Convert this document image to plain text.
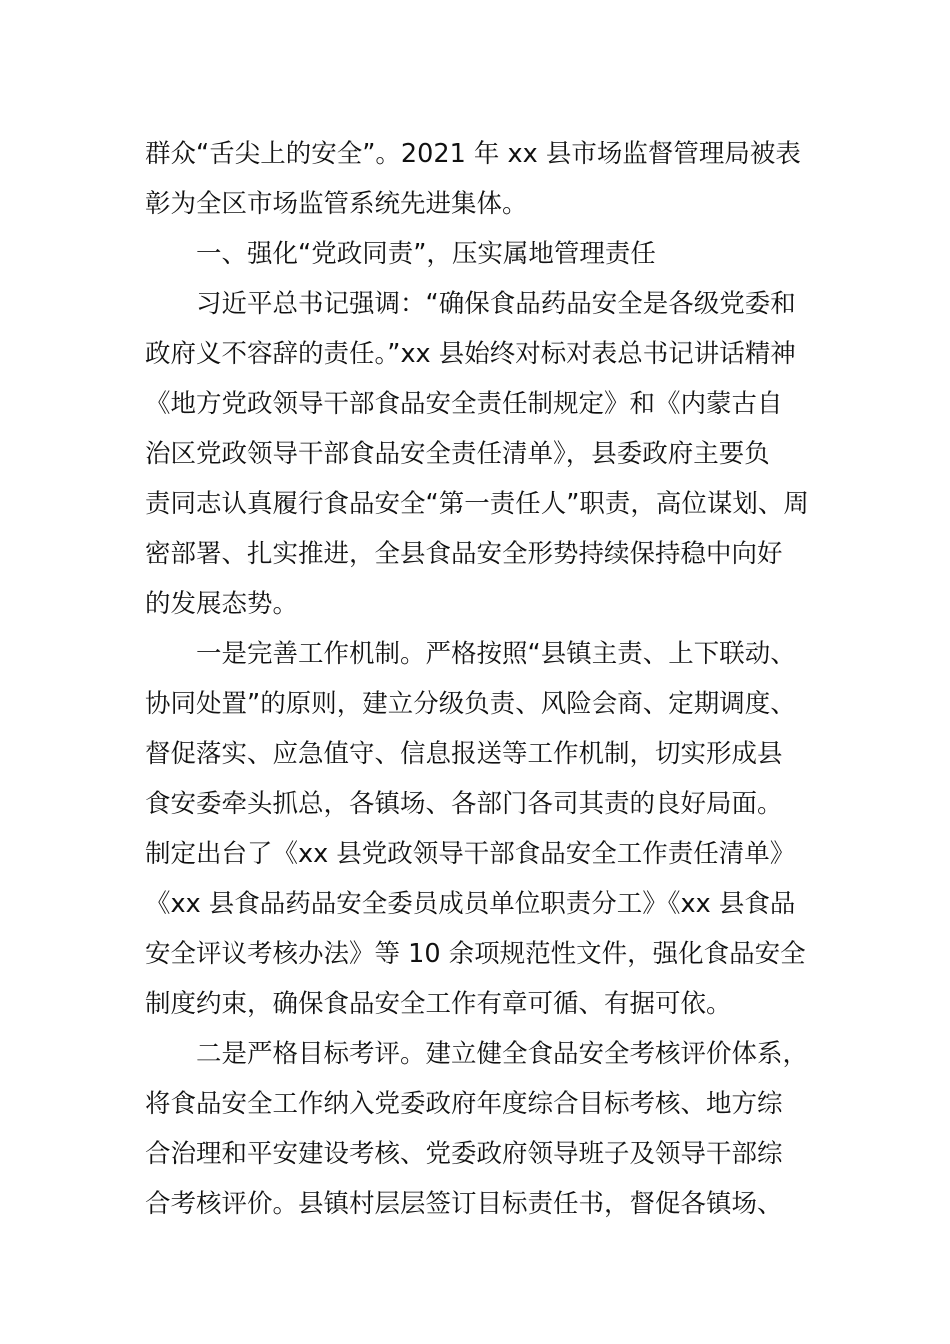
群众“舌尖上的安全”。2021 年 xx 县市场监督管理局被表
彰为全区市场监管系统先进集体。
一、强化“党政同责”，压实属地管理责任
习近平总书记强调：“确保食品药品安全是各级党委和
政府义不容辞的责任。”xx 县始终对标对表总书记讲话精神
《地方党政领导干部食品安全责任制规定》和《内蒙古自
治区党政领导干部食品安全责任清单》，县委政府主要负
责同志认真履行食品安全“第一责任人”职责，高位谋划、周
密部署、扎实推进，全县食品安全形势持续保持稳中向好
的发展态势。
一是完善工作机制。严格按照“县镇主责、上下联动、
协同处置”的原则，建立分级负责、风险会商、定期调度、
督促落实、应急值守、信息报送等工作机制，切实形成县
食安委牵头抓总，各镇场、各部门各司其责的良好局面。
制定出台了《xx 县党政领导干部食品安全工作责任清单》
《xx 县食品药品安全委员成员单位职责分工》《xx 县食品
安全评议考核办法》等 10 余项规范性文件，强化食品安全
制度约束，确保食品安全工作有章可循、有据可依。
二是严格目标考评。建立健全食品安全考核评价体系，
将食品安全工作纳入党委政府年度综合目标考核、地方综
合治理和平安建设考核、党委政府领导班子及领导干部综
合考核评价。县镇村层层签订目标责任书，督促各镇场、
